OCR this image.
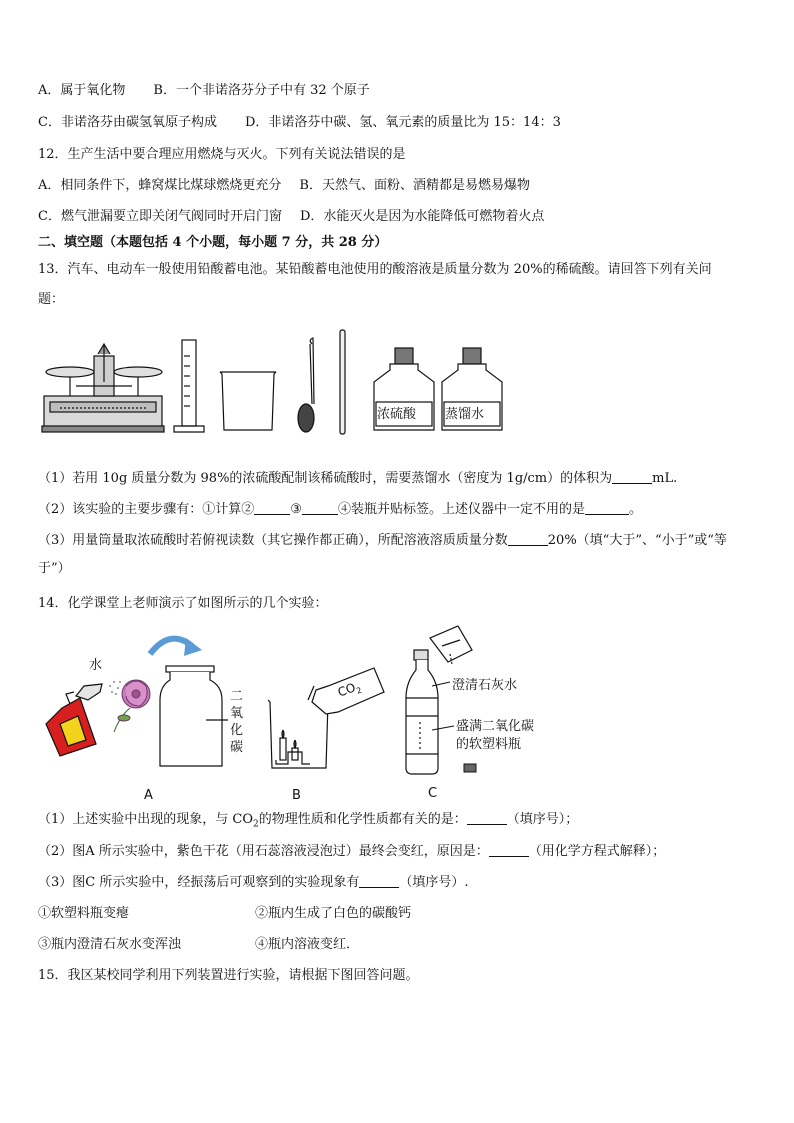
A．属于氧化物 B．一个非诺洛芬分子中有 32 个原子
C．非诺洛芬由碳氢氧原子构成 D．非诺洛芬中碳、氢、氧元素的质量比为 15：14：3
12．生产生活中要合理应用燃烧与灭火。下列有关说法错误的是
A．相同条件下，蜂窝煤比煤球燃烧更充分 B．天然气、面粉、酒精都是易燃易爆物
C．燃气泄漏要立即关闭气阀同时开启门窗 D．水能灭火是因为水能降低可燃物着火点
二、填空题（本题包括 4 个小题，每小题 7 分，共 28 分）
13．汽车、电动车一般使用铅酸蓄电池。某铅酸蓄电池使用的酸溶液是质量分数为 20%的稀硫酸。请回答下列有关问
题：
浓硫酸 蒸馏水
（1）若用 10g 质量分数为 98%的浓硫酸配制该稀硫酸时，需要蒸馏水（密度为 1g/cm）的体积为	mL.
（2）该实验的主要步骤有：①计算②	③	④装瓶并贴标签。上述仪器中一定不用的是	。
（3）用量筒量取浓硫酸时若俯视读数（其它操作都正确），所配溶液溶质质量分数	20%（填“大于”、“小于”或“等
于”）
14．化学课堂上老师演示了如图所示的几个实验：
水
二
氧
化
碳
$CO_2$	澄清石灰水
盛满二氧化碳
的软塑料瓶
A	B	C
（1）上述实验中出现的现象，与 $CO_2$的物理性质和化学性质都有关的是：	（填序号）；
（2）图A 所示实验中，紫色干花（用石蕊溶液浸泡过）最终会变红，原因是：	（用化学方程式解释）；
（3）图C 所示实验中，经振荡后可观察到的实验现象有	（填序号）.
①软塑料瓶变瘪	②瓶内生成了白色的碳酸钙
③瓶内澄清石灰水变浑浊	④瓶内溶液变红．
15．我区某校同学利用下列装置进行实验，请根据下图回答问题。
